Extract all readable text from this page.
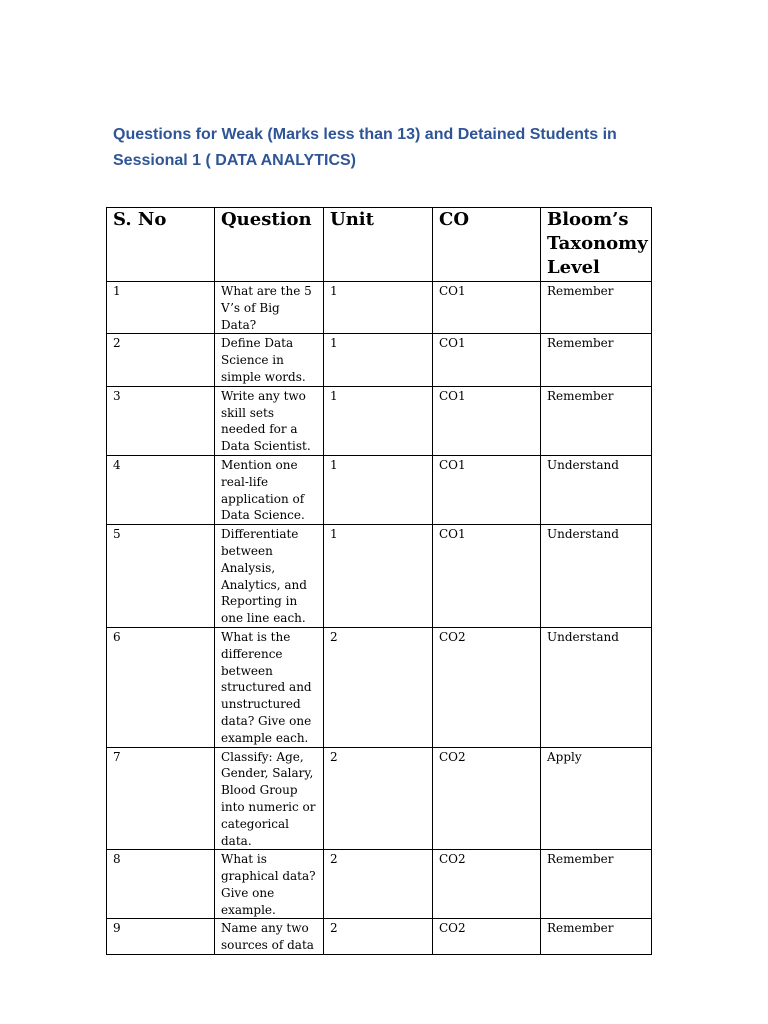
Questions for Weak (Marks less than 13) and Detained Students in
Sessional 1 ( DATA ANALYTICS)
S. No	Question	Unit	CO	Bloom’s Taxonomy Level
1	What are the 5 V’s of Big Data?	1	CO1	Remember
2	Define Data Science in simple words.	1	CO1	Remember
3	Write any two skill sets needed for a Data Scientist.	1	CO1	Remember
4	Mention one real-life application of Data Science.	1	CO1	Understand
5	Differentiate between Analysis, Analytics, and Reporting in one line each.	1	CO1	Understand
6	What is the difference between structured and unstructured data? Give one example each.	2	CO2	Understand
7	Classify: Age, Gender, Salary, Blood Group into numeric or categorical data.	2	CO2	Apply
8	What is graphical data? Give one example.	2	CO2	Remember
9	Name any two sources of data	2	CO2	Remember
